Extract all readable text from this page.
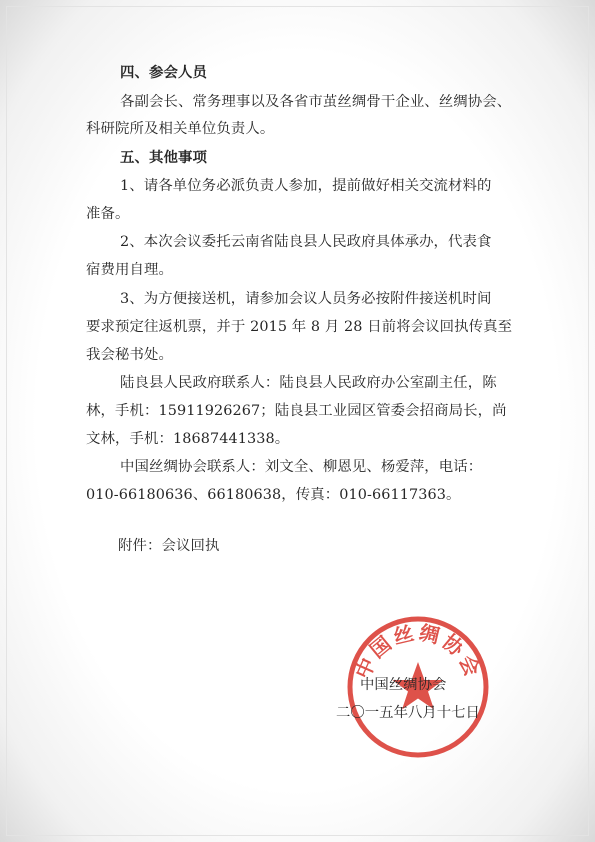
四、参会人员
各副会长、常务理事以及各省市茧丝绸骨干企业、丝绸协会、
科研院所及相关单位负责人。
五、其他事项
1、请各单位务必派负责人参加，提前做好相关交流材料的
准备。
2、本次会议委托云南省陆良县人民政府具体承办，代表食
宿费用自理。
3、为方便接送机，请参加会议人员务必按附件接送机时间
要求预定往返机票，并于 2015 年 8 月 28 日前将会议回执传真至
我会秘书处。
陆良县人民政府联系人：陆良县人民政府办公室副主任，陈
林，手机：15911926267；陆良县工业园区管委会招商局长，尚
文林，手机：18687441338。
中国丝绸协会联系人：刘文全、柳恩见、杨爱萍，电话：
010-66180636、66180638，传真：010-66117363。
附件：会议回执
中国丝绸协会
中国丝绸协会
二〇一五年八月十七日
